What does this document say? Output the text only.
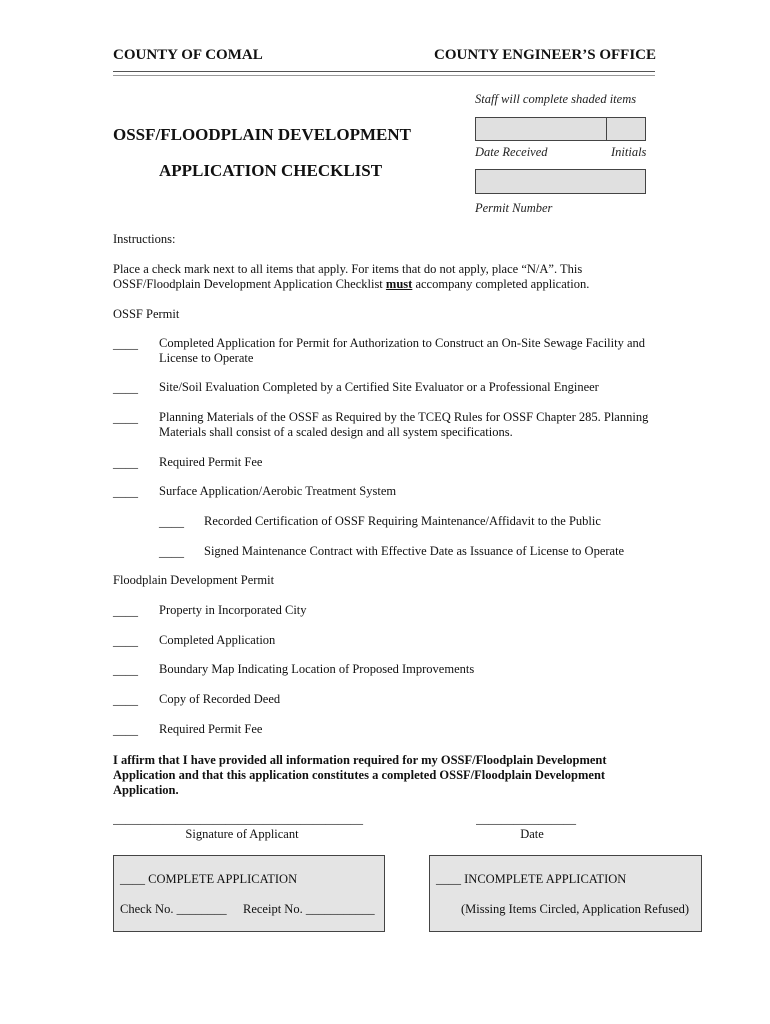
COUNTY OF COMAL	COUNTY ENGINEER’S OFFICE
Staff will complete shaded items
Date Received	Initials
Permit Number
OSSF/FLOODPLAIN DEVELOPMENT
APPLICATION CHECKLIST
Instructions:
Place a check mark next to all items that apply. For items that do not apply, place “N/A”. This
OSSF/Floodplain Development Application Checklist must accompany completed application.
OSSF Permit
____ Completed Application for Permit for Authorization to Construct an On-Site Sewage Facility and
License to Operate
____ Site/Soil Evaluation Completed by a Certified Site Evaluator or a Professional Engineer
____ Planning Materials of the OSSF as Required by the TCEQ Rules for OSSF Chapter 285. Planning
Materials shall consist of a scaled design and all system specifications.
____ Required Permit Fee
____ Surface Application/Aerobic Treatment System
____ Recorded Certification of OSSF Requiring Maintenance/Affidavit to the Public
____ Signed Maintenance Contract with Effective Date as Issuance of License to Operate
Floodplain Development Permit
____ Property in Incorporated City
____ Completed Application
____ Boundary Map Indicating Location of Proposed Improvements
____ Copy of Recorded Deed
____ Required Permit Fee
I affirm that I have provided all information required for my OSSF/Floodplain Development
Application and that this application constitutes a completed OSSF/Floodplain Development
Application.
________________________________________
Signature of Applicant
________________
Date
____ COMPLETE APPLICATION
Check No. ________ Receipt No. ___________
____ INCOMPLETE APPLICATION
(Missing Items Circled, Application Refused)
